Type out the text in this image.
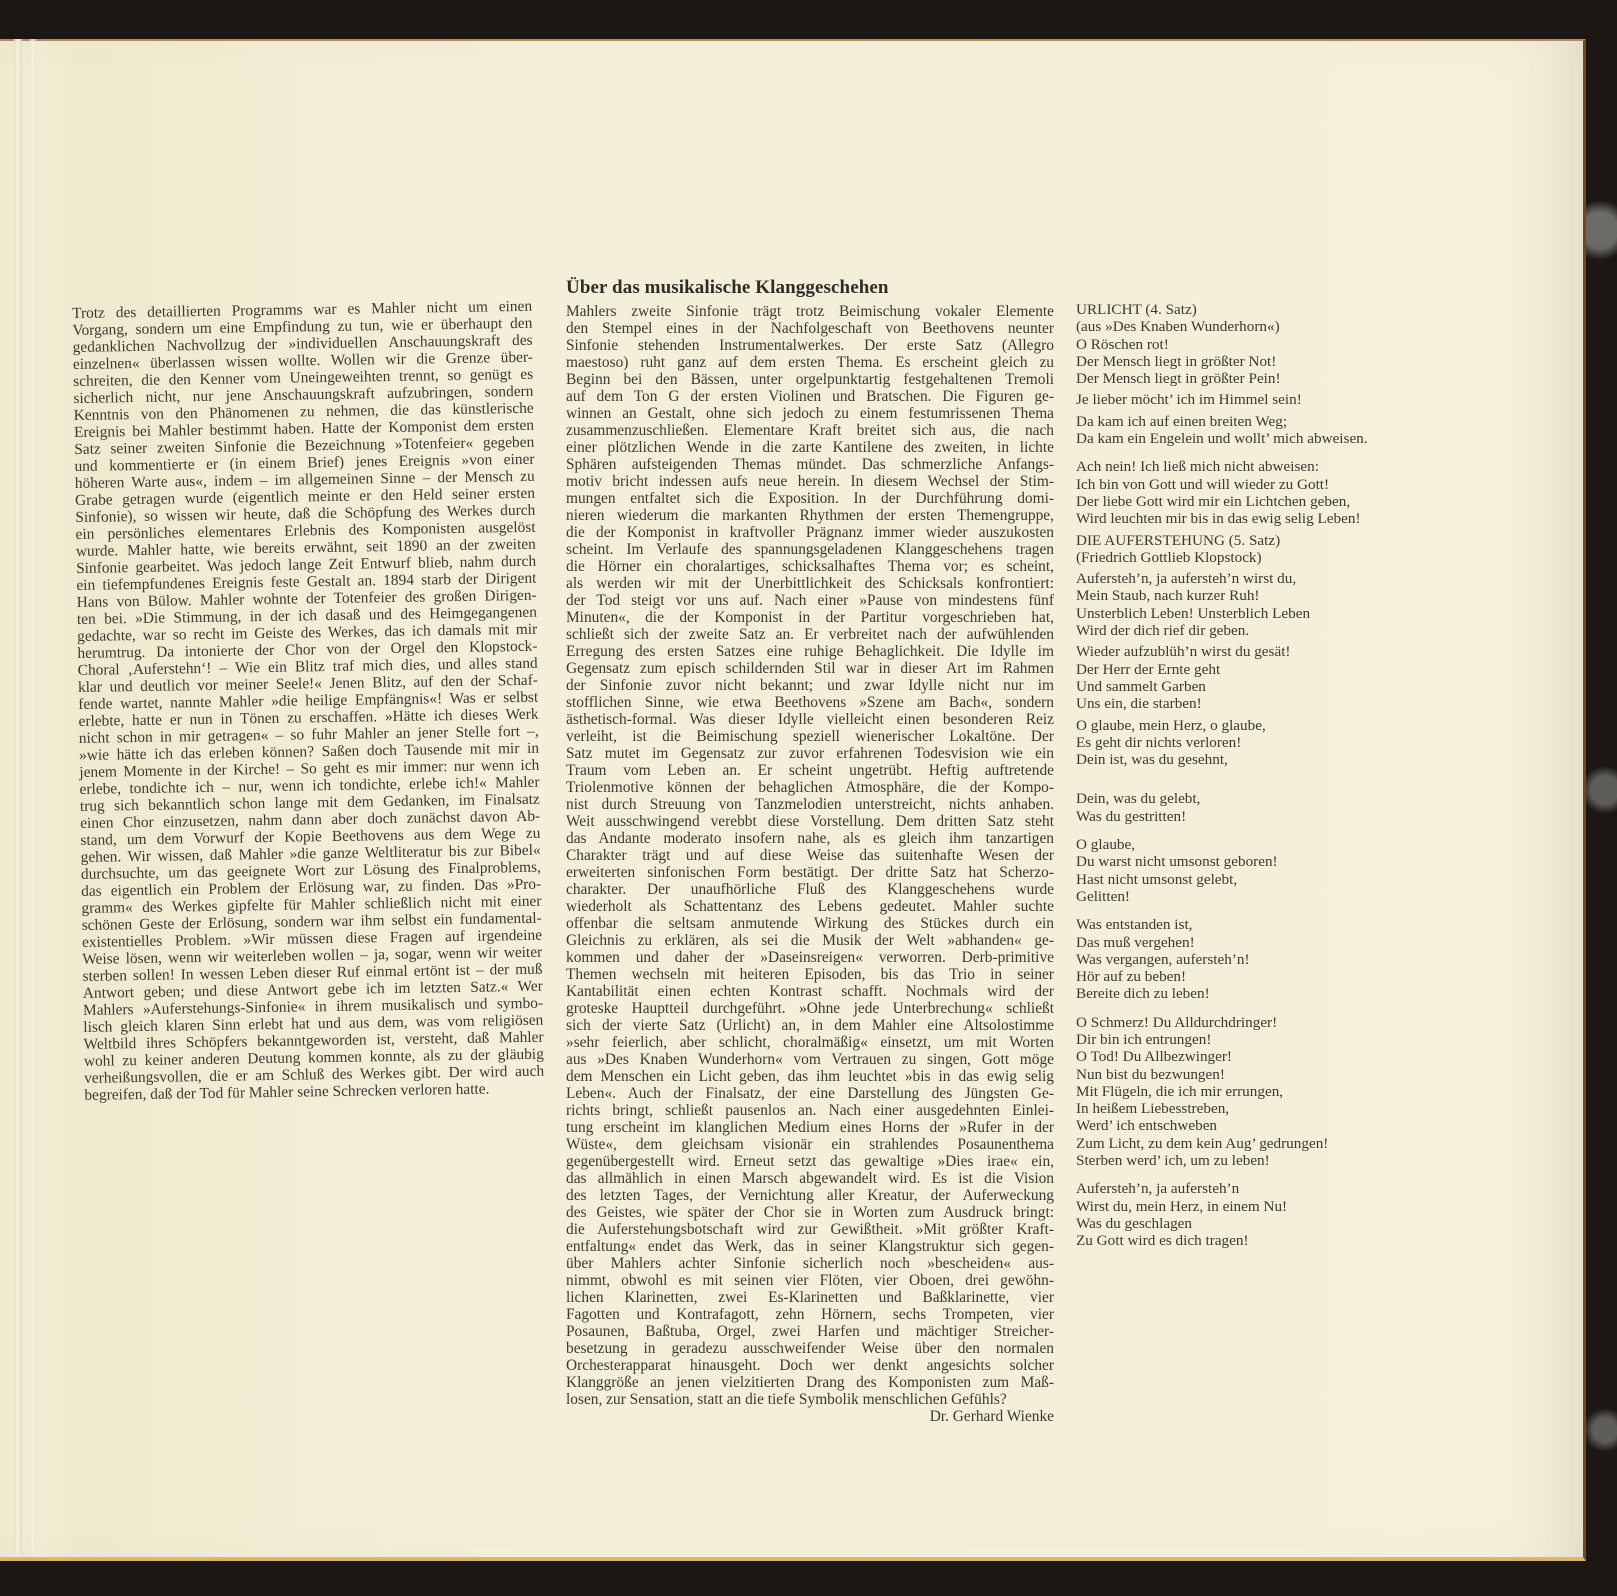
Trotz des detaillierten Programms war es Mahler nicht um einen
Vorgang, sondern um eine Empfindung zu tun, wie er überhaupt den
gedanklichen Nachvollzug der »individuellen Anschauungskraft des
einzelnen« überlassen wissen wollte. Wollen wir die Grenze über-
schreiten, die den Kenner vom Uneingeweihten trennt, so genügt es
sicherlich nicht, nur jene Anschauungskraft aufzubringen, sondern
Kenntnis von den Phänomenen zu nehmen, die das künstlerische
Ereignis bei Mahler bestimmt haben. Hatte der Komponist dem ersten
Satz seiner zweiten Sinfonie die Bezeichnung »Totenfeier« gegeben
und kommentierte er (in einem Brief) jenes Ereignis »von einer
höheren Warte aus«, indem – im allgemeinen Sinne – der Mensch zu
Grabe getragen wurde (eigentlich meinte er den Held seiner ersten
Sinfonie), so wissen wir heute, daß die Schöpfung des Werkes durch
ein persönliches elementares Erlebnis des Komponisten ausgelöst
wurde. Mahler hatte, wie bereits erwähnt, seit 1890 an der zweiten
Sinfonie gearbeitet. Was jedoch lange Zeit Entwurf blieb, nahm durch
ein tiefempfundenes Ereignis feste Gestalt an. 1894 starb der Dirigent
Hans von Bülow. Mahler wohnte der Totenfeier des großen Dirigen-
ten bei. »Die Stimmung, in der ich dasaß und des Heimgegangenen
gedachte, war so recht im Geiste des Werkes, das ich damals mit mir
herumtrug. Da intonierte der Chor von der Orgel den Klopstock-
Choral ‚Auferstehn‘! – Wie ein Blitz traf mich dies, und alles stand
klar und deutlich vor meiner Seele!« Jenen Blitz, auf den der Schaf-
fende wartet, nannte Mahler »die heilige Empfängnis«! Was er selbst
erlebte, hatte er nun in Tönen zu erschaffen. »Hätte ich dieses Werk
nicht schon in mir getragen« – so fuhr Mahler an jener Stelle fort –,
»wie hätte ich das erleben können? Saßen doch Tausende mit mir in
jenem Momente in der Kirche! – So geht es mir immer: nur wenn ich
erlebe, tondichte ich – nur, wenn ich tondichte, erlebe ich!« Mahler
trug sich bekanntlich schon lange mit dem Gedanken, im Finalsatz
einen Chor einzusetzen, nahm dann aber doch zunächst davon Ab-
stand, um dem Vorwurf der Kopie Beethovens aus dem Wege zu
gehen. Wir wissen, daß Mahler »die ganze Weltliteratur bis zur Bibel«
durchsuchte, um das geeignete Wort zur Lösung des Finalproblems,
das eigentlich ein Problem der Erlösung war, zu finden. Das »Pro-
gramm« des Werkes gipfelte für Mahler schließlich nicht mit einer
schönen Geste der Erlösung, sondern war ihm selbst ein fundamental-
existentielles Problem. »Wir müssen diese Fragen auf irgendeine
Weise lösen, wenn wir weiterleben wollen – ja, sogar, wenn wir weiter
sterben sollen! In wessen Leben dieser Ruf einmal ertönt ist – der muß
Antwort geben; und diese Antwort gebe ich im letzten Satz.« Wer
Mahlers »Auferstehungs-Sinfonie« in ihrem musikalisch und symbo-
lisch gleich klaren Sinn erlebt hat und aus dem, was vom religiösen
Weltbild ihres Schöpfers bekanntgeworden ist, versteht, daß Mahler
wohl zu keiner anderen Deutung kommen konnte, als zu der gläubig
verheißungsvollen, die er am Schluß des Werkes gibt. Der wird auch
begreifen, daß der Tod für Mahler seine Schrecken verloren hatte.
Über das musikalische Klanggeschehen
Mahlers zweite Sinfonie trägt trotz Beimischung vokaler Elemente
den Stempel eines in der Nachfolgeschaft von Beethovens neunter
Sinfonie stehenden Instrumentalwerkes. Der erste Satz (Allegro
maestoso) ruht ganz auf dem ersten Thema. Es erscheint gleich zu
Beginn bei den Bässen, unter orgelpunktartig festgehaltenen Tremoli
auf dem Ton G der ersten Violinen und Bratschen. Die Figuren ge-
winnen an Gestalt, ohne sich jedoch zu einem festumrissenen Thema
zusammenzuschließen. Elementare Kraft breitet sich aus, die nach
einer plötzlichen Wende in die zarte Kantilene des zweiten, in lichte
Sphären aufsteigenden Themas mündet. Das schmerzliche Anfangs-
motiv bricht indessen aufs neue herein. In diesem Wechsel der Stim-
mungen entfaltet sich die Exposition. In der Durchführung domi-
nieren wiederum die markanten Rhythmen der ersten Themengruppe,
die der Komponist in kraftvoller Prägnanz immer wieder auszukosten
scheint. Im Verlaufe des spannungsgeladenen Klanggeschehens tragen
die Hörner ein choralartiges, schicksalhaftes Thema vor; es scheint,
als werden wir mit der Unerbittlichkeit des Schicksals konfrontiert:
der Tod steigt vor uns auf. Nach einer »Pause von mindestens fünf
Minuten«, die der Komponist in der Partitur vorgeschrieben hat,
schließt sich der zweite Satz an. Er verbreitet nach der aufwühlenden
Erregung des ersten Satzes eine ruhige Behaglichkeit. Die Idylle im
Gegensatz zum episch schildernden Stil war in dieser Art im Rahmen
der Sinfonie zuvor nicht bekannt; und zwar Idylle nicht nur im
stofflichen Sinne, wie etwa Beethovens »Szene am Bach«, sondern
ästhetisch-formal. Was dieser Idylle vielleicht einen besonderen Reiz
verleiht, ist die Beimischung speziell wienerischer Lokaltöne. Der
Satz mutet im Gegensatz zur zuvor erfahrenen Todesvision wie ein
Traum vom Leben an. Er scheint ungetrübt. Heftig auftretende
Triolenmotive können der behaglichen Atmosphäre, die der Kompo-
nist durch Streuung von Tanzmelodien unterstreicht, nichts anhaben.
Weit ausschwingend verebbt diese Vorstellung. Dem dritten Satz steht
das Andante moderato insofern nahe, als es gleich ihm tanzartigen
Charakter trägt und auf diese Weise das suitenhafte Wesen der
erweiterten sinfonischen Form bestätigt. Der dritte Satz hat Scherzo-
charakter. Der unaufhörliche Fluß des Klanggeschehens wurde
wiederholt als Schattentanz des Lebens gedeutet. Mahler suchte
offenbar die seltsam anmutende Wirkung des Stückes durch ein
Gleichnis zu erklären, als sei die Musik der Welt »abhanden« ge-
kommen und daher der »Daseinsreigen« verworren. Derb-primitive
Themen wechseln mit heiteren Episoden, bis das Trio in seiner
Kantabilität einen echten Kontrast schafft. Nochmals wird der
groteske Hauptteil durchgeführt. »Ohne jede Unterbrechung« schließt
sich der vierte Satz (Urlicht) an, in dem Mahler eine Altsolostimme
»sehr feierlich, aber schlicht, choralmäßig« einsetzt, um mit Worten
aus »Des Knaben Wunderhorn« vom Vertrauen zu singen, Gott möge
dem Menschen ein Licht geben, das ihm leuchtet »bis in das ewig selig
Leben«. Auch der Finalsatz, der eine Darstellung des Jüngsten Ge-
richts bringt, schließt pausenlos an. Nach einer ausgedehnten Einlei-
tung erscheint im klanglichen Medium eines Horns der »Rufer in der
Wüste«, dem gleichsam visionär ein strahlendes Posaunenthema
gegenübergestellt wird. Erneut setzt das gewaltige »Dies irae« ein,
das allmählich in einen Marsch abgewandelt wird. Es ist die Vision
des letzten Tages, der Vernichtung aller Kreatur, der Auferweckung
des Geistes, wie später der Chor sie in Worten zum Ausdruck bringt:
die Auferstehungsbotschaft wird zur Gewißtheit. »Mit größter Kraft-
entfaltung« endet das Werk, das in seiner Klangstruktur sich gegen-
über Mahlers achter Sinfonie sicherlich noch »bescheiden« aus-
nimmt, obwohl es mit seinen vier Flöten, vier Oboen, drei gewöhn-
lichen Klarinetten, zwei Es-Klarinetten und Baßklarinette, vier
Fagotten und Kontrafagott, zehn Hörnern, sechs Trompeten, vier
Posaunen, Baßtuba, Orgel, zwei Harfen und mächtiger Streicher-
besetzung in geradezu ausschweifender Weise über den normalen
Orchesterapparat hinausgeht. Doch wer denkt angesichts solcher
Klanggröße an jenen vielzitierten Drang des Komponisten zum Maß-
losen, zur Sensation, statt an die tiefe Symbolik menschlichen Gefühls?
Dr. Gerhard Wienke
URLICHT (4. Satz)
(aus »Des Knaben Wunderhorn«)
O Röschen rot!
Der Mensch liegt in größter Not!
Der Mensch liegt in größter Pein!
Je lieber möcht’ ich im Himmel sein!
Da kam ich auf einen breiten Weg;
Da kam ein Engelein und wollt’ mich abweisen.
Ach nein! Ich ließ mich nicht abweisen:
Ich bin von Gott und will wieder zu Gott!
Der liebe Gott wird mir ein Lichtchen geben,
Wird leuchten mir bis in das ewig selig Leben!
DIE AUFERSTEHUNG (5. Satz)
(Friedrich Gottlieb Klopstock)
Aufersteh’n, ja aufersteh’n wirst du,
Mein Staub, nach kurzer Ruh!
Unsterblich Leben! Unsterblich Leben
Wird der dich rief dir geben.
Wieder aufzublüh’n wirst du gesät!
Der Herr der Ernte geht
Und sammelt Garben
Uns ein, die starben!
O glaube, mein Herz, o glaube,
Es geht dir nichts verloren!
Dein ist, was du gesehnt,
Dein, was du gelebt,
Was du gestritten!
O glaube,
Du warst nicht umsonst geboren!
Hast nicht umsonst gelebt,
Gelitten!
Was entstanden ist,
Das muß vergehen!
Was vergangen, aufersteh’n!
Hör auf zu beben!
Bereite dich zu leben!
O Schmerz! Du Alldurchdringer!
Dir bin ich entrungen!
O Tod! Du Allbezwinger!
Nun bist du bezwungen!
Mit Flügeln, die ich mir errungen,
In heißem Liebesstreben,
Werd’ ich entschweben
Zum Licht, zu dem kein Aug’ gedrungen!
Sterben werd’ ich, um zu leben!
Aufersteh’n, ja aufersteh’n
Wirst du, mein Herz, in einem Nu!
Was du geschlagen
Zu Gott wird es dich tragen!
